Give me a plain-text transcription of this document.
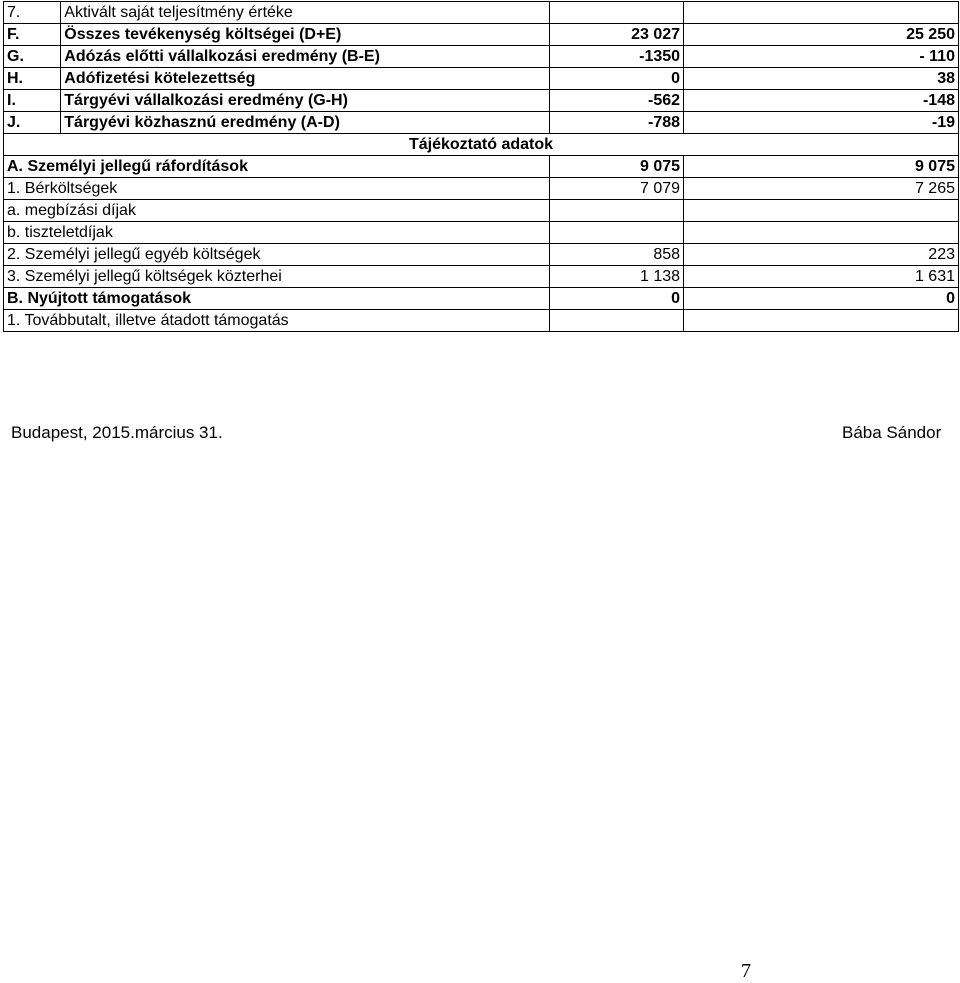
7.	Aktivált saját teljesítmény értéke		
F.	Összes tevékenység költségei (D+E)	23 027	25 250
G.	Adózás előtti vállalkozási eredmény (B-E)	-1350	- 110
H.	Adófizetési kötelezettség	0	38
I.	Tárgyévi vállalkozási eredmény (G-H)	-562	-148
J.	Tárgyévi közhasznú eredmény (A-D)	-788	-19
Tájékoztató adatok			
A. Személyi jellegű ráfordítások		9 075	9 075
1. Bérköltségek		7 079	7 265
a. megbízási díjak			
b. tiszteletdíjak			
2. Személyi jellegű egyéb költségek		858	223
3. Személyi jellegű költségek közterhei		1 138	1 631
B. Nyújtott támogatások		0	0
1. Továbbutalt, illetve átadott támogatás			
Budapest, 2015.március 31.	Bába Sándor
7
